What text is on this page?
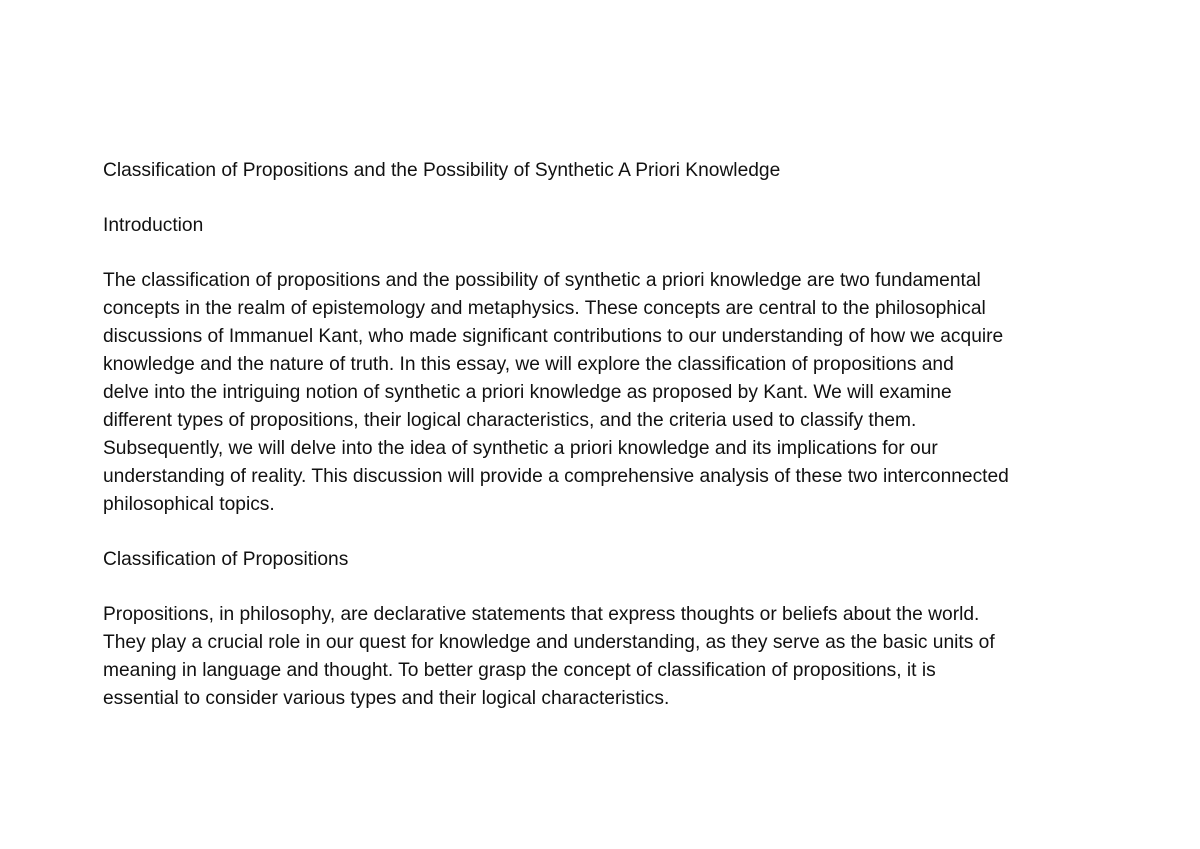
Classification of Propositions and the Possibility of Synthetic A Priori Knowledge

Introduction

The classification of propositions and the possibility of synthetic a priori knowledge are two fundamental
concepts in the realm of epistemology and metaphysics. These concepts are central to the philosophical
discussions of Immanuel Kant, who made significant contributions to our understanding of how we acquire
knowledge and the nature of truth. In this essay, we will explore the classification of propositions and
delve into the intriguing notion of synthetic a priori knowledge as proposed by Kant. We will examine
different types of propositions, their logical characteristics, and the criteria used to classify them.
Subsequently, we will delve into the idea of synthetic a priori knowledge and its implications for our
understanding of reality. This discussion will provide a comprehensive analysis of these two interconnected
philosophical topics.

Classification of Propositions

Propositions, in philosophy, are declarative statements that express thoughts or beliefs about the world.
They play a crucial role in our quest for knowledge and understanding, as they serve as the basic units of
meaning in language and thought. To better grasp the concept of classification of propositions, it is
essential to consider various types and their logical characteristics.
